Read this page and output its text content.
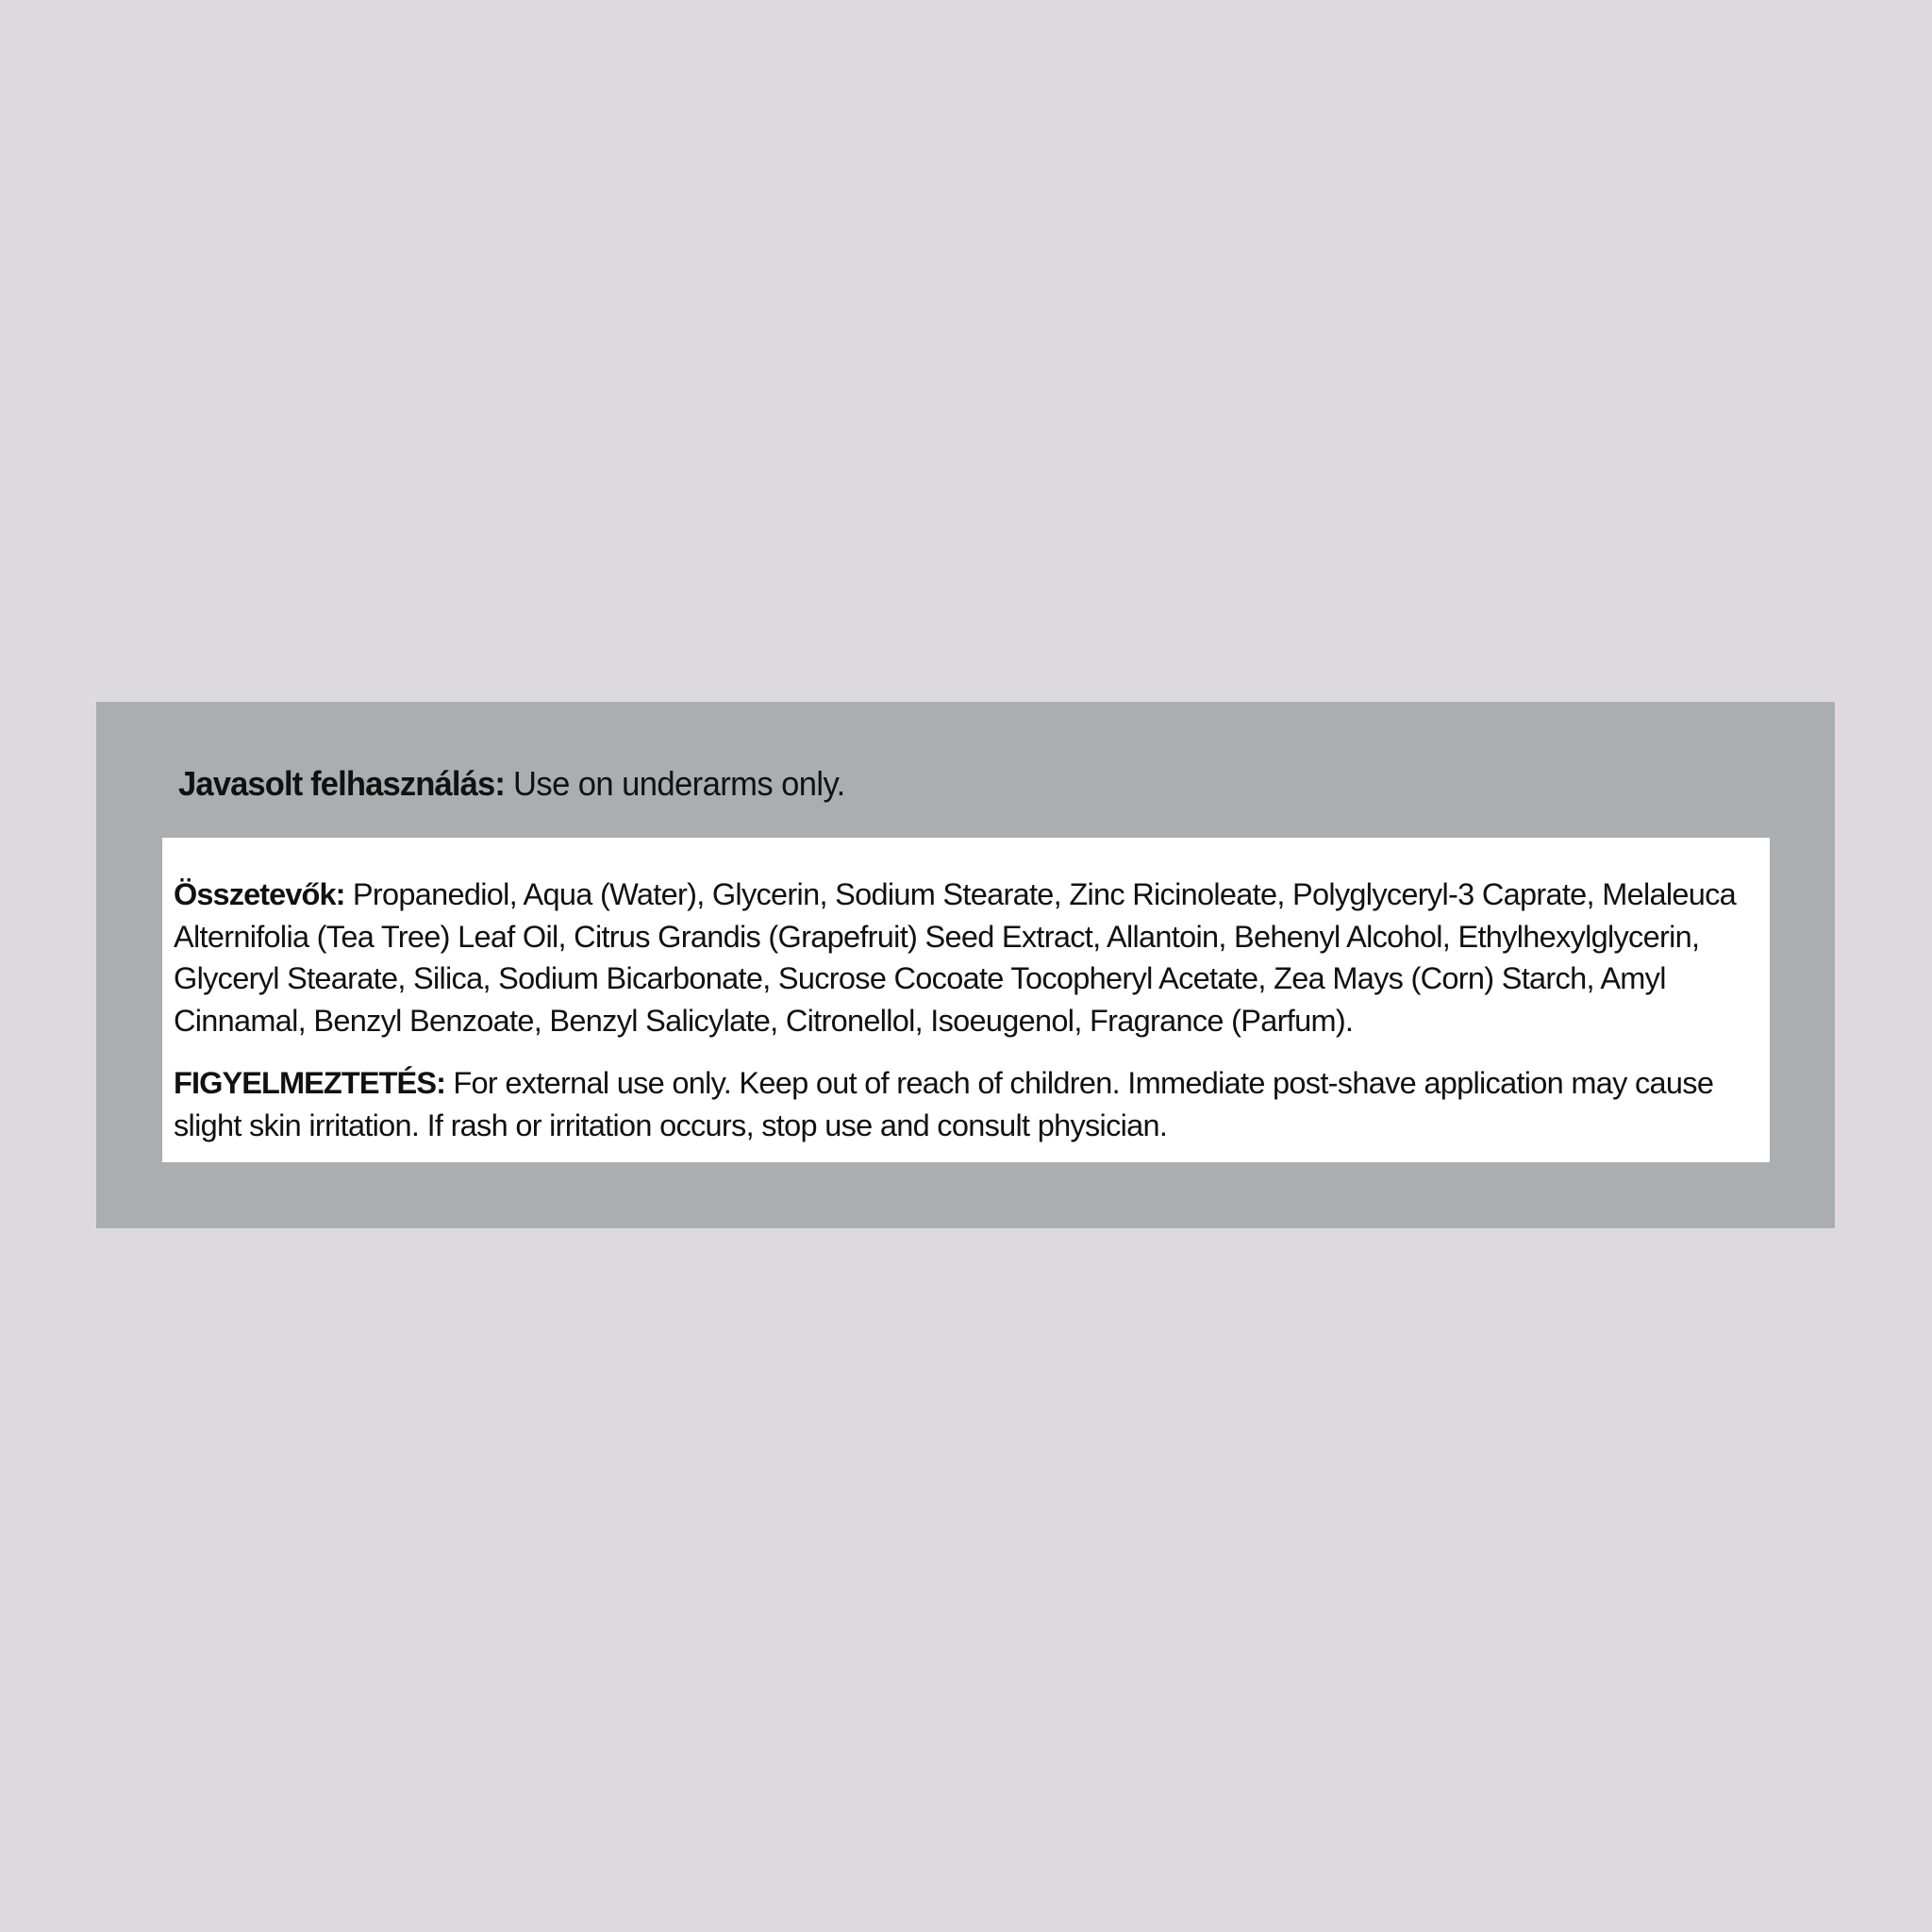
Javasolt felhasználás: Use on underarms only.

Összetevők: Propanediol, Aqua (Water), Glycerin, Sodium Stearate, Zinc Ricinoleate, Polyglyceryl-3 Caprate, Melaleuca Alternifolia (Tea Tree) Leaf Oil, Citrus Grandis (Grapefruit) Seed Extract, Allantoin, Behenyl Alcohol, Ethylhexylglycerin, Glyceryl Stearate, Silica, Sodium Bicarbonate, Sucrose Cocoate Tocopheryl Acetate, Zea Mays (Corn) Starch, Amyl Cinnamal, Benzyl Benzoate, Benzyl Salicylate, Citronellol, Isoeugenol, Fragrance (Parfum).

FIGYELMEZTETÉS: For external use only. Keep out of reach of children. Immediate post-shave application may cause slight skin irritation. If rash or irritation occurs, stop use and consult physician.
